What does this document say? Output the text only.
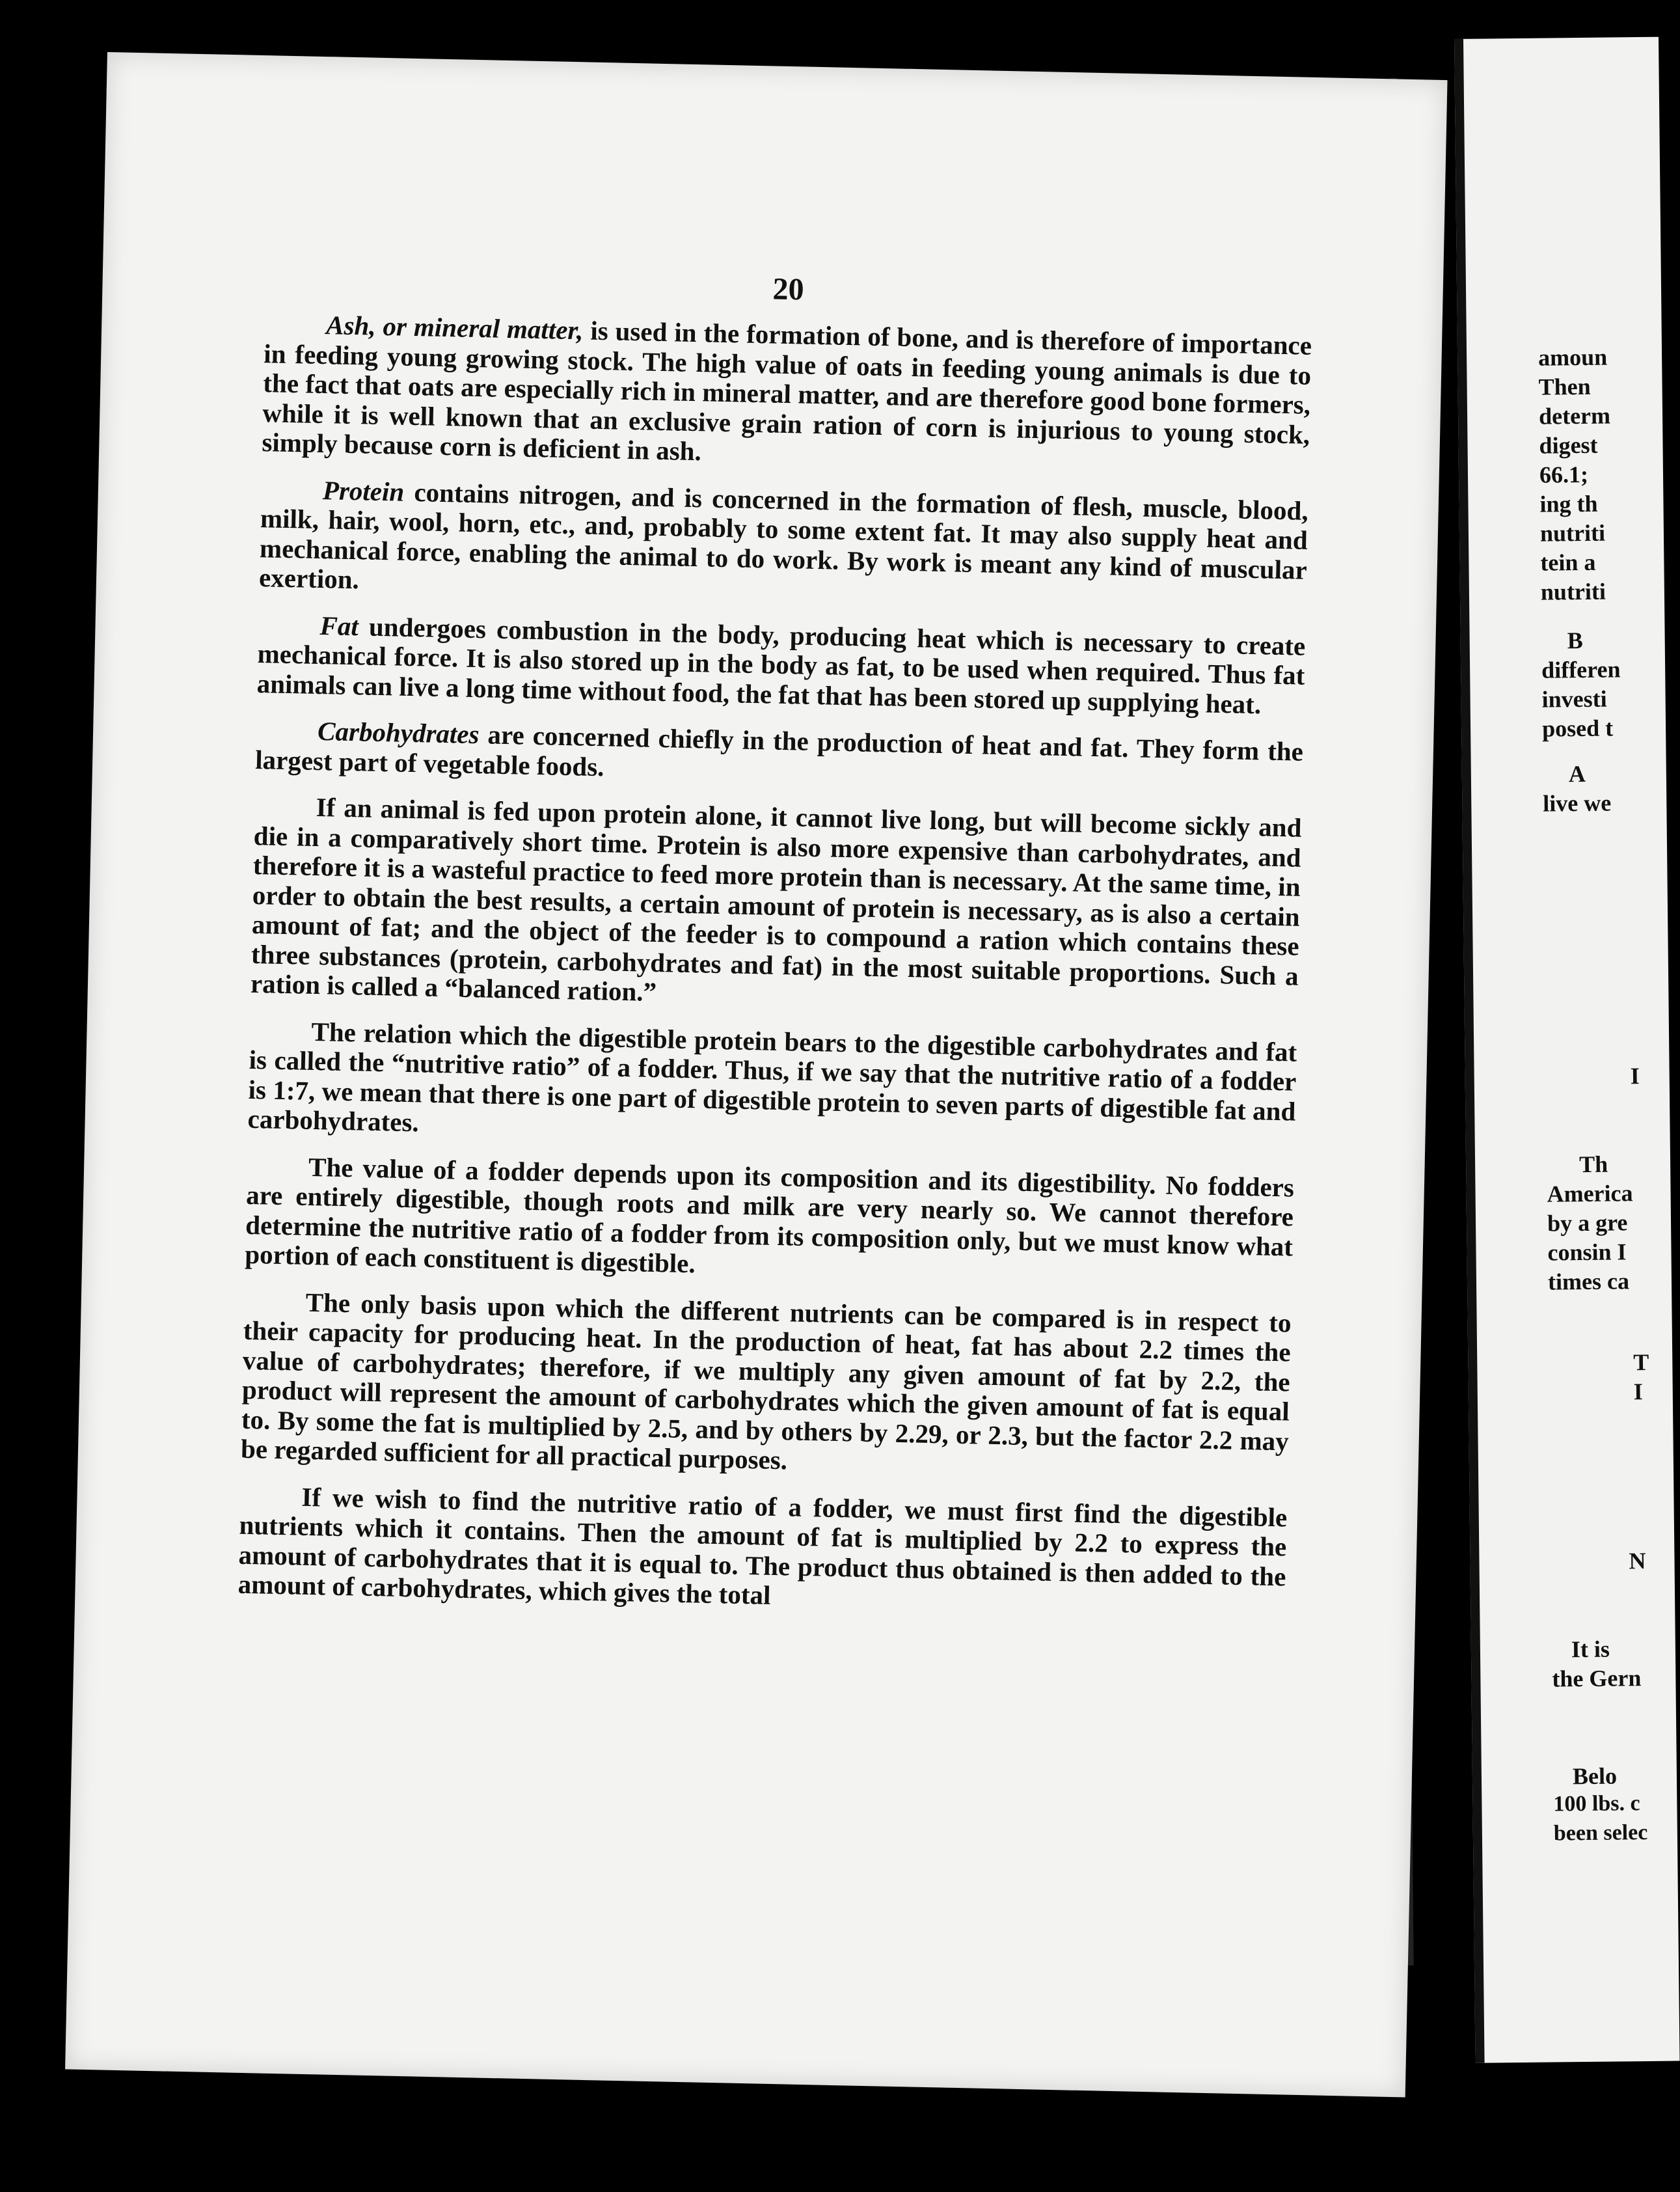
20

Ash, or mineral matter, is used in the formation of bone, and is therefore of importance in feeding young growing stock. The high value of oats in feeding young animals is due to the fact that oats are especially rich in mineral matter, and are therefore good bone formers, while it is well known that an exclusive grain ration of corn is injurious to young stock, simply because corn is deficient in ash.

Protein contains nitrogen, and is concerned in the formation of flesh, muscle, blood, milk, hair, wool, horn, etc., and, probably to some extent fat. It may also supply heat and mechanical force, enabling the animal to do work. By work is meant any kind of muscular exertion.

Fat undergoes combustion in the body, producing heat which is necessary to create mechanical force. It is also stored up in the body as fat, to be used when required. Thus fat animals can live a long time without food, the fat that has been stored up supplying heat.

Carbohydrates are concerned chiefly in the production of heat and fat. They form the largest part of vegetable foods.

If an animal is fed upon protein alone, it cannot live long, but will become sickly and die in a comparatively short time. Protein is also more expensive than carbohydrates, and therefore it is a wasteful practice to feed more protein than is necessary. At the same time, in order to obtain the best results, a certain amount of protein is necessary, as is also a certain amount of fat; and the object of the feeder is to compound a ration which contains these three substances (protein, carbohydrates and fat) in the most suitable proportions. Such a ration is called a “balanced ration.”

The relation which the digestible protein bears to the digestible carbohydrates and fat is called the “nutritive ratio” of a fodder. Thus, if we say that the nutritive ratio of a fodder is 1:7, we mean that there is one part of digestible protein to seven parts of digestible fat and carbohydrates.

The value of a fodder depends upon its composition and its digestibility. No fodders are entirely digestible, though roots and milk are very nearly so. We cannot therefore determine the nutritive ratio of a fodder from its composition only, but we must know what portion of each constituent is digestible.

The only basis upon which the different nutrients can be compared is in respect to their capacity for producing heat. In the production of heat, fat has about 2.2 times the value of carbohydrates; therefore, if we multiply any given amount of fat by 2.2, the product will represent the amount of carbohydrates which the given amount of fat is equal to. By some the fat is multiplied by 2.5, and by others by 2.29, or 2.3, but the factor 2.2 may be regarded sufficient for all practical purposes.

If we wish to find the nutritive ratio of a fodder, we must first find the digestible nutrients which it contains. Then the amount of fat is multiplied by 2.2 to express the amount of carbohydrates that it is equal to. The product thus obtained is then added to the amount of carbohydrates, which gives the total

amoun
Then
determ
digest
66.1;
ing th
nutriti
tein a
nutriti
B
differen
investi
posed t
A
live we
I
Th
America
by a gre
consin I
times ca
T
I
N
It is
the Gern
Belo
100 lbs. c
been selec
